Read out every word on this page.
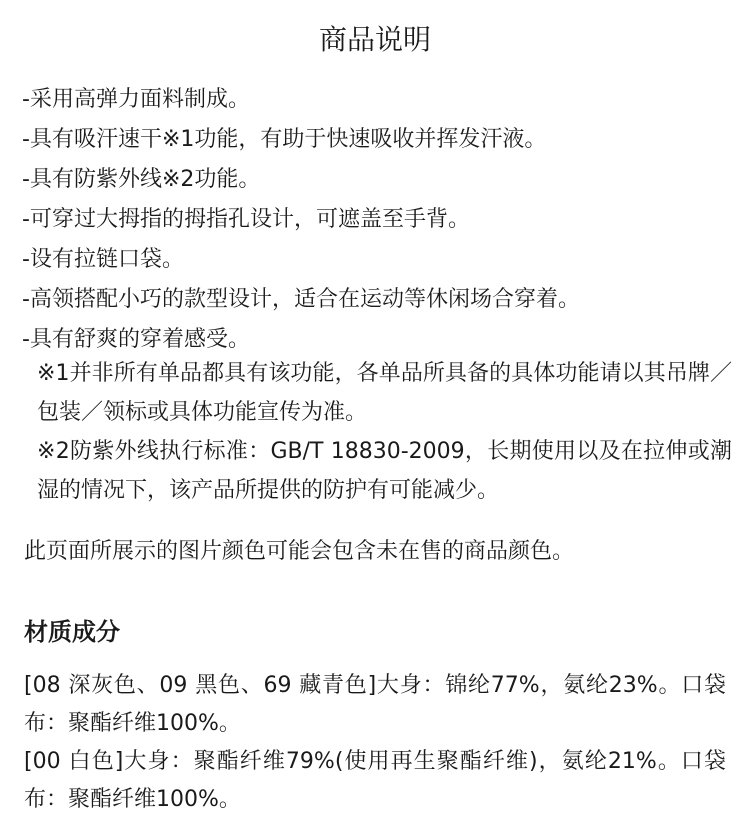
商品说明
-采用高弹力面料制成。
-具有吸汗速干※1功能，有助于快速吸收并挥发汗液。
-具有防紫外线※2功能。
-可穿过大拇指的拇指孔设计，可遮盖至手背。
-设有拉链口袋。
-高领搭配小巧的款型设计，适合在运动等休闲场合穿着。
-具有舒爽的穿着感受。
※1并非所有单品都具有该功能，各单品所具备的具体功能请以其吊牌／包装／领标或具体功能宣传为准。
※2防紫外线执行标准：GB/T 18830-2009，长期使用以及在拉伸或潮湿的情况下，该产品所提供的防护有可能减少。
此页面所展示的图片颜色可能会包含未在售的商品颜色。
材质成分
[08 深灰色、09 黑色、69 藏青色]大身：锦纶77%，氨纶23%。口袋布：聚酯纤维100%。
[00 白色]大身：聚酯纤维79%(使用再生聚酯纤维)，氨纶21%。口袋布：聚酯纤维100%。
